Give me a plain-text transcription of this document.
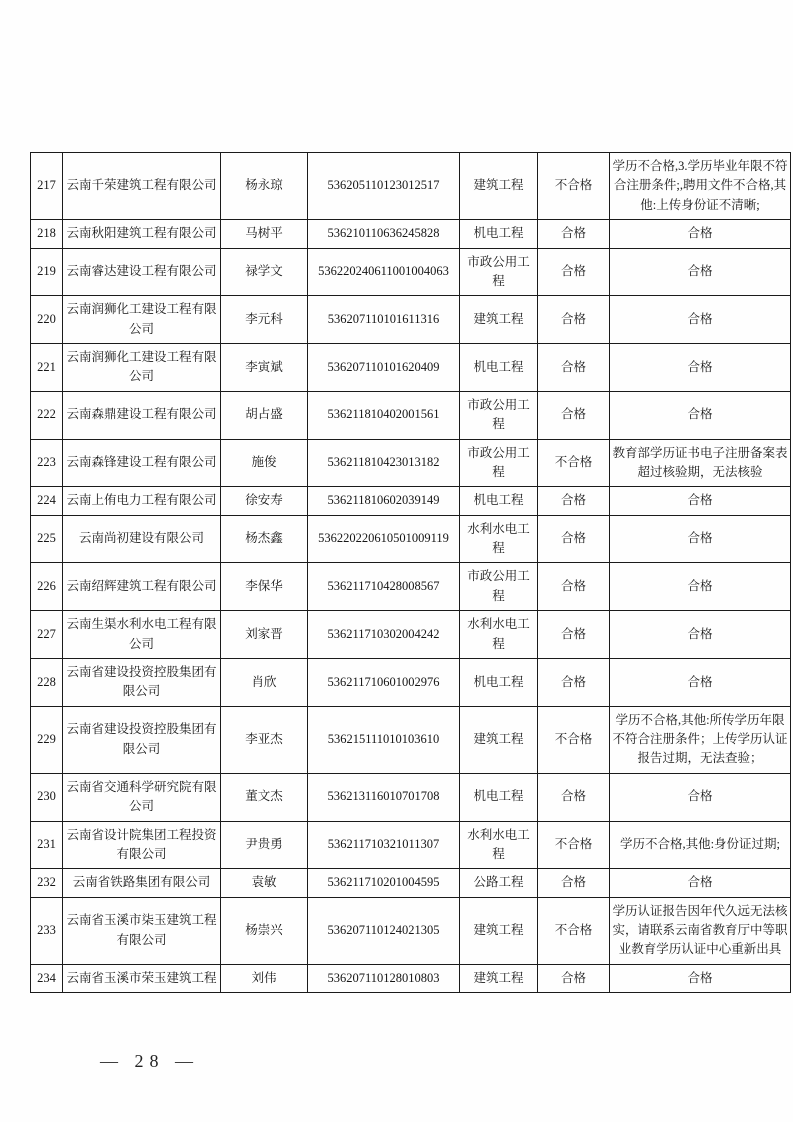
217	云南千荣建筑工程有限公司	杨永琼	536205110123012517	建筑工程	不合格	学历不合格,3.学历毕业年限不符合注册条件;,聘用文件不合格,其他:上传身份证不清晰;
218	云南秋阳建筑工程有限公司	马树平	536210110636245828	机电工程	合格	合格
219	云南睿达建设工程有限公司	禄学文	536220240611001004063	市政公用工程	合格	合格
220	云南润狮化工建设工程有限公司	李元科	536207110101611316	建筑工程	合格	合格
221	云南润狮化工建设工程有限公司	李寅斌	536207110101620409	机电工程	合格	合格
222	云南森鼎建设工程有限公司	胡占盛	536211810402001561	市政公用工程	合格	合格
223	云南森锋建设工程有限公司	施俊	536211810423013182	市政公用工程	不合格	教育部学历证书电子注册备案表超过核验期，无法核验
224	云南上侑电力工程有限公司	徐安寿	536211810602039149	机电工程	合格	合格
225	云南尚初建设有限公司	杨杰鑫	536220220610501009119	水利水电工程	合格	合格
226	云南绍辉建筑工程有限公司	李保华	536211710428008567	市政公用工程	合格	合格
227	云南生渠水利水电工程有限公司	刘家晋	536211710302004242	水利水电工程	合格	合格
228	云南省建设投资控股集团有限公司	肖欣	536211710601002976	机电工程	合格	合格
229	云南省建设投资控股集团有限公司	李亚杰	536215111010103610	建筑工程	不合格	学历不合格,其他:所传学历年限不符合注册条件；上传学历认证报告过期，无法查验；
230	云南省交通科学研究院有限公司	董文杰	536213116010701708	机电工程	合格	合格
231	云南省设计院集团工程投资有限公司	尹贵勇	536211710321011307	水利水电工程	不合格	学历不合格,其他:身份证过期;
232	云南省铁路集团有限公司	袁敏	536211710201004595	公路工程	合格	合格
233	云南省玉溪市柒玉建筑工程有限公司	杨崇兴	536207110124021305	建筑工程	不合格	学历认证报告因年代久远无法核实，请联系云南省教育厅中等职业教育学历认证中心重新出具
234	云南省玉溪市荣玉建筑工程	刘伟	536207110128010803	建筑工程	合格	合格
— 28 —
